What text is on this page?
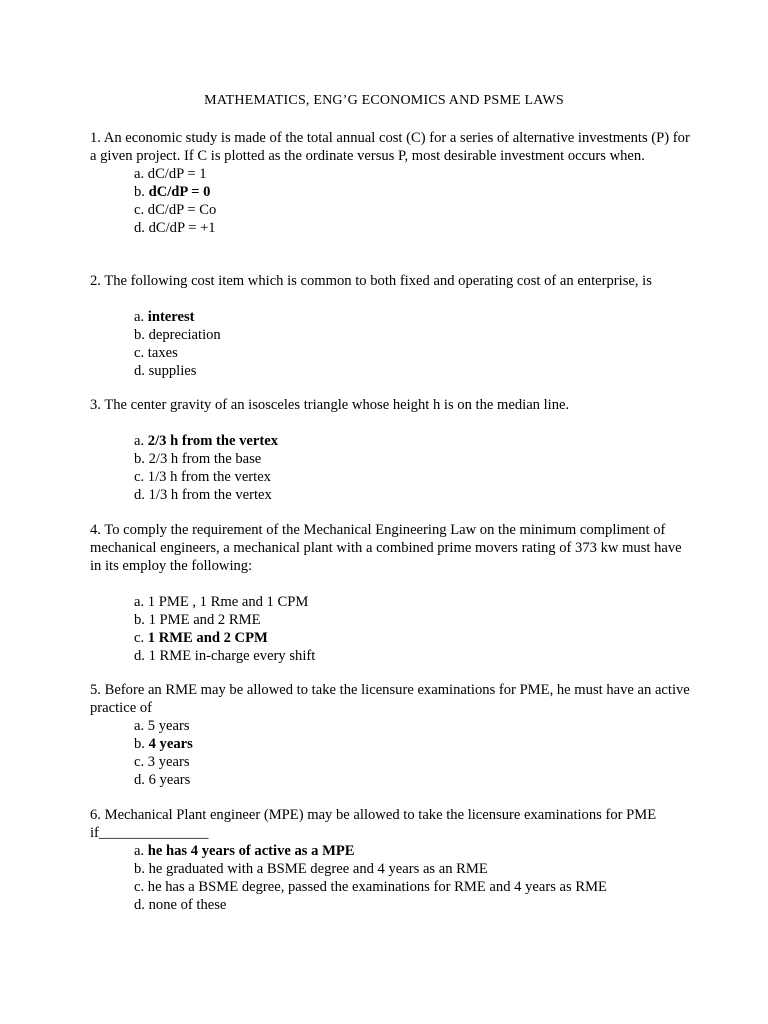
MATHEMATICS, ENG’G ECONOMICS AND PSME LAWS
1. An economic study is made of the total annual cost (C) for a series of alternative investments (P) for a given project. If C is plotted as the ordinate versus P, most desirable investment occurs when.
a. dC/dP = 1
b. dC/dP = 0
c. dC/dP = Co
d. dC/dP = +1
2. The following cost item which is common to both fixed and operating cost of an enterprise, is
a. interest
b. depreciation
c. taxes
d. supplies
3. The center gravity of an isosceles triangle whose height h is on the median line.
a. 2/3 h from the vertex
b. 2/3 h from the base
c. 1/3 h from the vertex
d. 1/3 h from the vertex
4. To comply the requirement of the Mechanical Engineering Law on the minimum compliment of mechanical engineers, a mechanical plant with a combined prime movers rating of 373 kw must have in its employ the following:
a. 1 PME , 1 Rme and 1 CPM
b. 1 PME and 2 RME
c. 1 RME and 2 CPM
d. 1 RME in-charge every shift
5. Before an RME may be allowed to take the licensure examinations for PME, he must have an active practice of
a. 5 years
b. 4 years
c. 3 years
d. 6 years
6. Mechanical Plant engineer (MPE) may be allowed to take the licensure examinations for PME if_______________
a. he has 4 years of active as a MPE
b. he graduated with a BSME degree and 4 years as an RME
c. he has a BSME degree, passed the examinations for RME and 4 years as RME
d. none of these
